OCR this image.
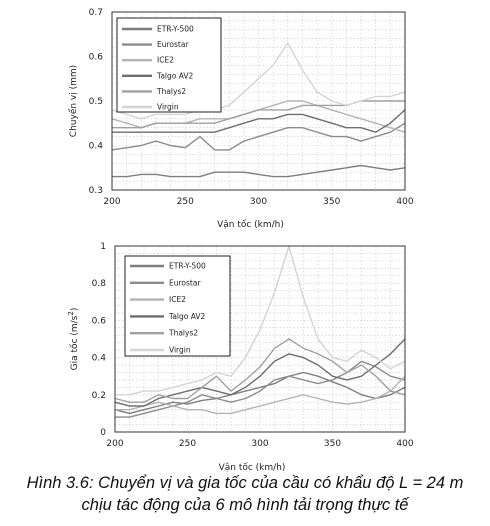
200	250	300	350	400
0.3
0.4
0.5
0.6
0.7
Vận tốc (km/h)
Chuyển vị (mm)
ETR-Y-500
Eurostar
ICE2
Talgo AV2
Thalys2
Virgin
200	250	300	350	400
0
0.2
0.4
0.6
0.8
1
Vận tốc (km/h)
Gia tốc $(m/s^2)$
ETR-Y-500
Eurostar
ICE2
Talgo AV2
Thalys2
Virgin
Hình 3.6: Chuyển vị và gia tốc của cầu có khẩu độ L = 24 m
chịu tác động của 6 mô hình tải trọng thực tế
